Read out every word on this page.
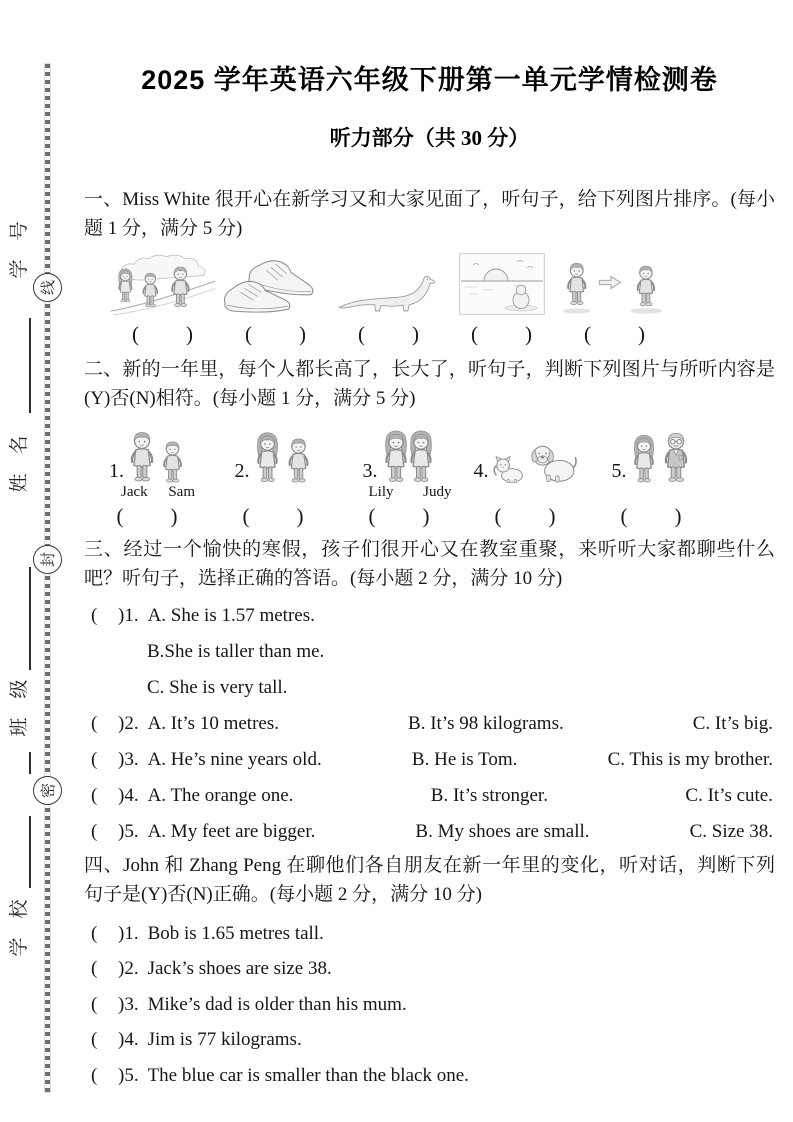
学　号
姓　名
班　级
学　校
线
封
密
2025 学年英语六年级下册第一单元学情检测卷
听力部分（共 30 分）

一、Miss White 很开心在新学习又和大家见面了，听句子，给下列图片排序。(每小题 1 分，满分 5 分)

( ) ( ) ( ) ( ) ( )

二、新的一年里，每个人都长高了，长大了，听句子，判断下列图片与所听内容是(Y)否(N)相符。(每小题 1 分，满分 5 分)

1.
Jack Sam
2.	3.
Lily Judy
4.	5.
( )	( )	( )	( )	( )

三、经过一个愉快的寒假，孩子们很开心又在教室重聚，来听听大家都聊些什么吧？听句子，选择正确的答语。(每小题 2 分，满分 10 分)

(	)1. A. She is 1.57 metres.
B.She is taller than me.
C. She is very tall.
(	)2. A. It’s 10 metres.	B. It’s 98 kilograms.	C. It’s big.
(	)3. A. He’s nine years old.	B. He is Tom.	C. This is my brother.
(	)4. A. The orange one.	B. It’s stronger.	C. It’s cute.
(	)5. A. My feet are bigger.	B. My shoes are small.	C. Size 38.

四、John 和 Zhang Peng 在聊他们各自朋友在新一年里的变化，听对话，判断下列句子是(Y)否(N)正确。(每小题 2 分，满分 10 分)

(	)1. Bob is 1.65 metres tall.
(	)2. Jack’s shoes are size 38.
(	)3. Mike’s dad is older than his mum.
(	)4. Jim is 77 kilograms.
(	)5. The blue car is smaller than the black one.
